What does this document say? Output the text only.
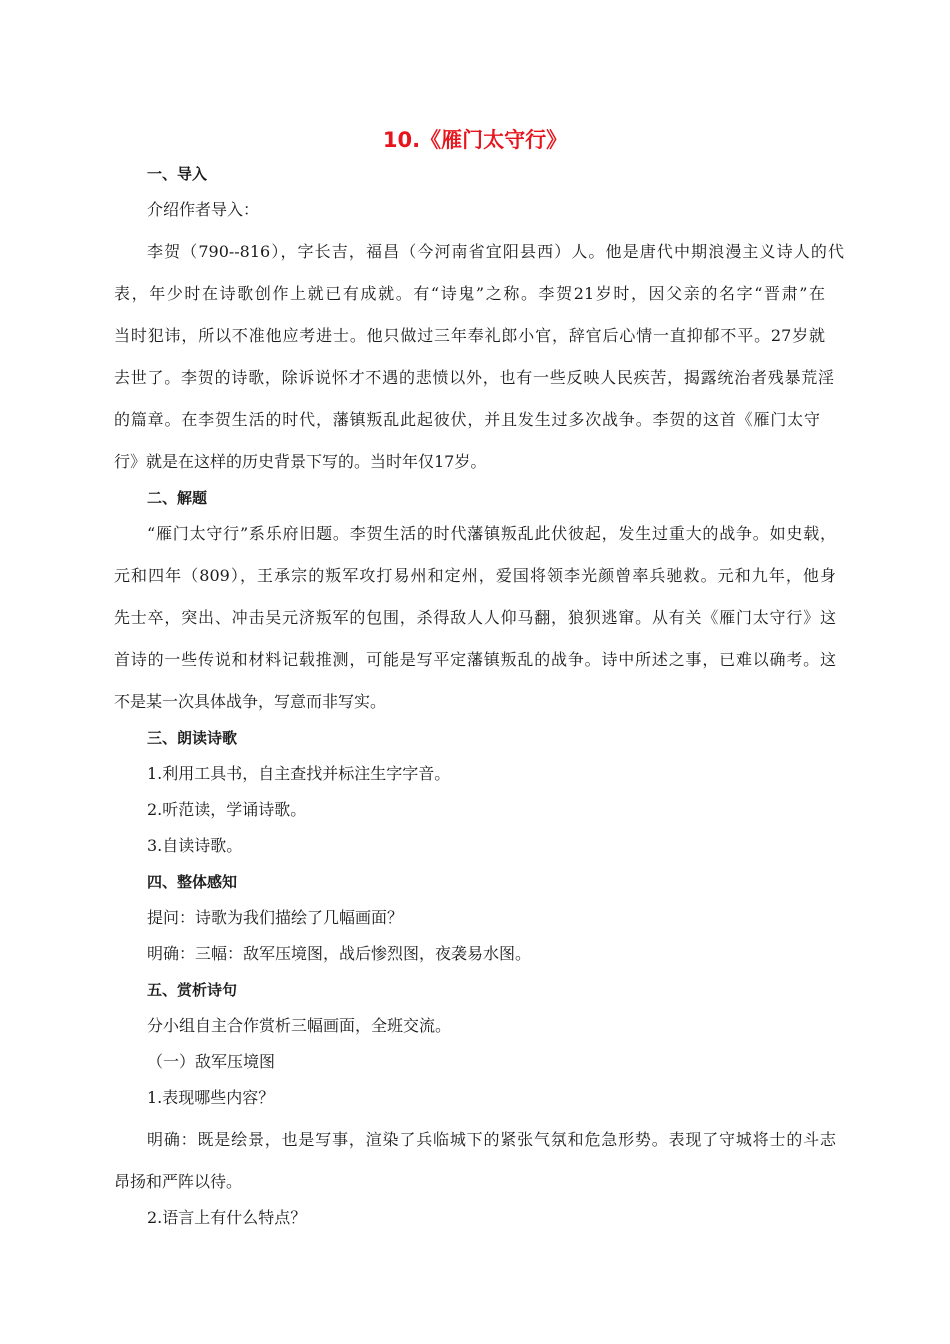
10.《雁门太守行》
一、导入
介绍作者导入：
李贺（790--816），字长吉，福昌（今河南省宜阳县西）人。他是唐代中期浪漫主义诗人的代
表，年少时在诗歌创作上就已有成就。有“诗鬼”之称。李贺21岁时，因父亲的名字“晋肃”在
当时犯讳，所以不准他应考进士。他只做过三年奉礼郎小官，辞官后心情一直抑郁不平。27岁就
去世了。李贺的诗歌，除诉说怀才不遇的悲愤以外，也有一些反映人民疾苦，揭露统治者残暴荒淫
的篇章。在李贺生活的时代，藩镇叛乱此起彼伏，并且发生过多次战争。李贺的这首《雁门太守
行》就是在这样的历史背景下写的。当时年仅17岁。
二、解题
“雁门太守行”系乐府旧题。李贺生活的时代藩镇叛乱此伏彼起，发生过重大的战争。如史载，
元和四年（809），王承宗的叛军攻打易州和定州，爱国将领李光颜曾率兵驰救。元和九年，他身
先士卒，突出、冲击吴元济叛军的包围，杀得敌人人仰马翻，狼狈逃窜。从有关《雁门太守行》这
首诗的一些传说和材料记载推测，可能是写平定藩镇叛乱的战争。诗中所述之事，已难以确考。这
不是某一次具体战争，写意而非写实。
三、朗读诗歌
1.利用工具书，自主查找并标注生字字音。
2.听范读，学诵诗歌。
3.自读诗歌。
四、整体感知
提问：诗歌为我们描绘了几幅画面？
明确：三幅：敌军压境图，战后惨烈图，夜袭易水图。
五、赏析诗句
分小组自主合作赏析三幅画面，全班交流。
（一）敌军压境图
1.表现哪些内容？
明确：既是绘景，也是写事，渲染了兵临城下的紧张气氛和危急形势。表现了守城将士的斗志
昂扬和严阵以待。
2.语言上有什么特点？
